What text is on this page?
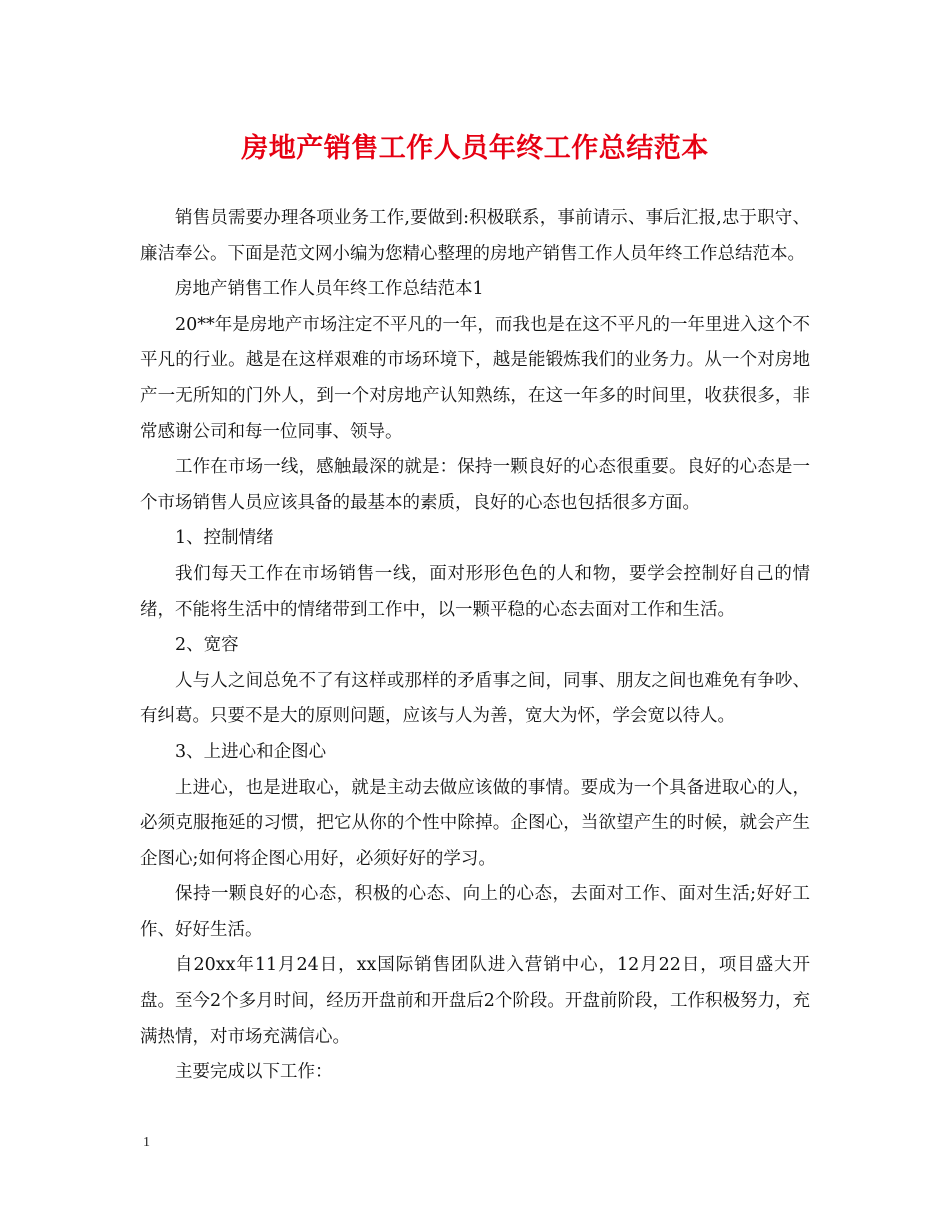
房地产销售工作人员年终工作总结范本

销售员需要办理各项业务工作,要做到:积极联系，事前请示、事后汇报,忠于职守、廉洁奉公。下面是范文网小编为您精心整理的房地产销售工作人员年终工作总结范本。

房地产销售工作人员年终工作总结范本1

20**年是房地产市场注定不平凡的一年，而我也是在这不平凡的一年里进入这个不平凡的行业。越是在这样艰难的市场环境下，越是能锻炼我们的业务力。从一个对房地产一无所知的门外人，到一个对房地产认知熟练，在这一年多的时间里，收获很多，非常感谢公司和每一位同事、领导。

工作在市场一线，感触最深的就是：保持一颗良好的心态很重要。良好的心态是一个市场销售人员应该具备的最基本的素质，良好的心态也包括很多方面。

1、控制情绪

我们每天工作在市场销售一线，面对形形色色的人和物，要学会控制好自己的情绪，不能将生活中的情绪带到工作中，以一颗平稳的心态去面对工作和生活。

2、宽容

人与人之间总免不了有这样或那样的矛盾事之间，同事、朋友之间也难免有争吵、有纠葛。只要不是大的原则问题，应该与人为善，宽大为怀，学会宽以待人。

3、上进心和企图心

上进心，也是进取心，就是主动去做应该做的事情。要成为一个具备进取心的人，必须克服拖延的习惯，把它从你的个性中除掉。企图心，当欲望产生的时候，就会产生企图心;如何将企图心用好，必须好好的学习。

保持一颗良好的心态，积极的心态、向上的心态，去面对工作、面对生活;好好工作、好好生活。

自20xx年11月24日，xx国际销售团队进入营销中心，12月22日，项目盛大开盘。至今2个多月时间，经历开盘前和开盘后2个阶段。开盘前阶段，工作积极努力，充满热情，对市场充满信心。

主要完成以下工作：

1
